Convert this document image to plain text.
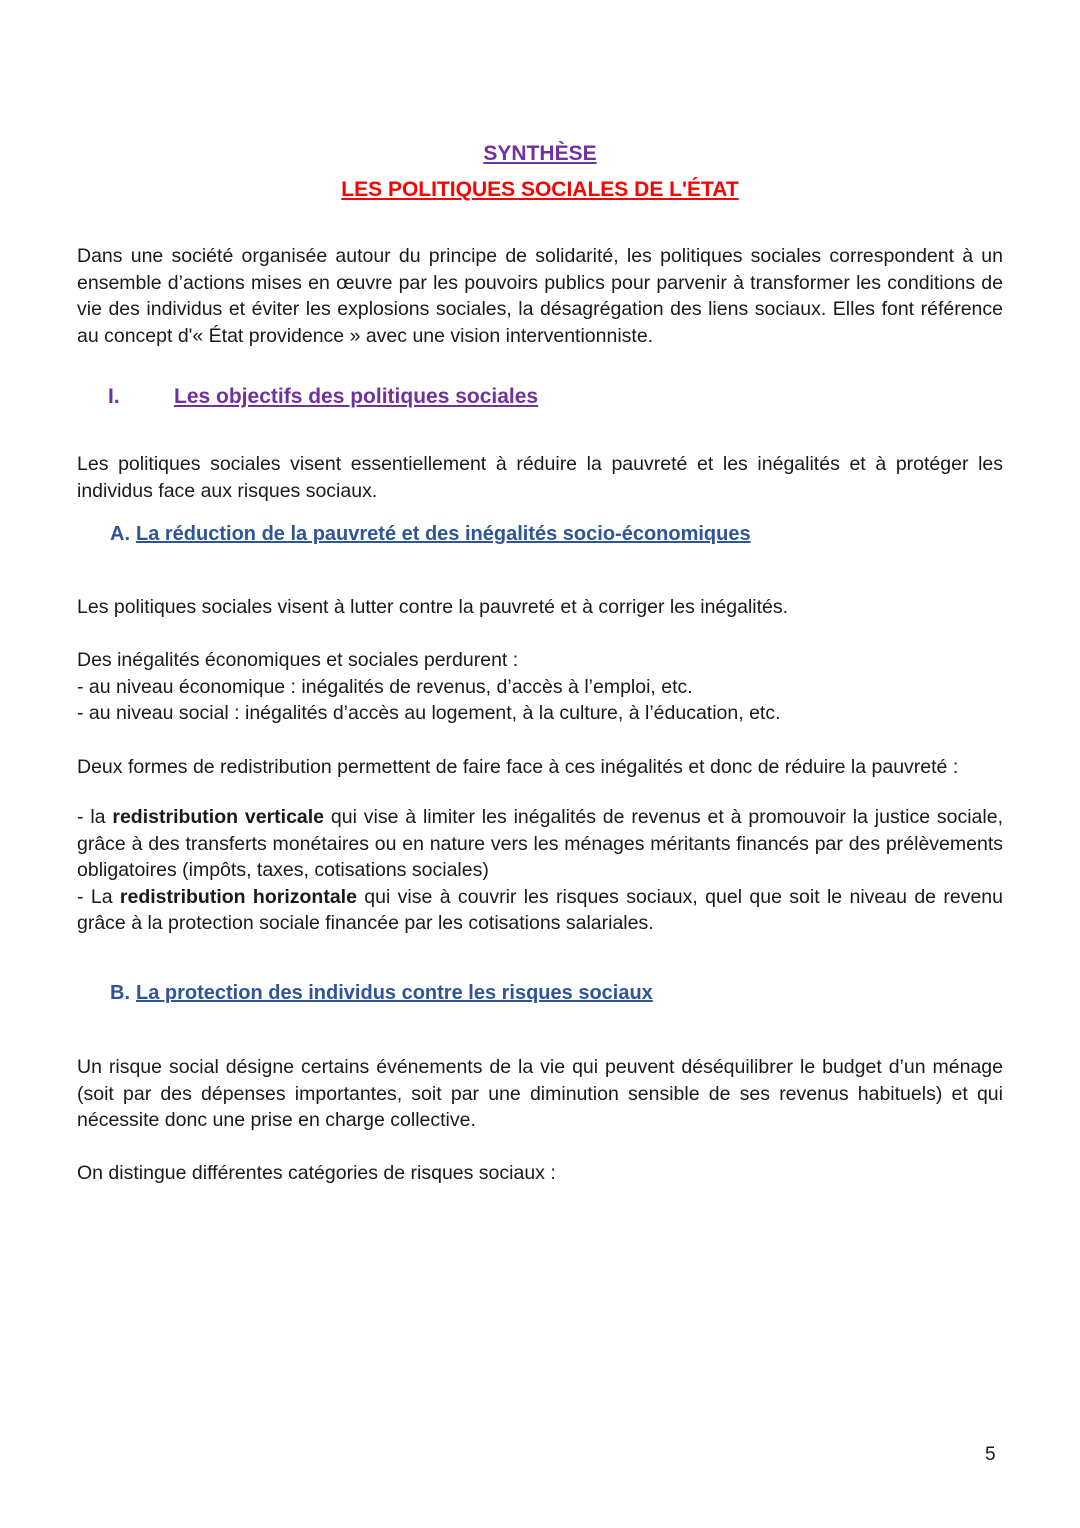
SYNTHÈSE
LES POLITIQUES SOCIALES DE L'ÉTAT

Dans une société organisée autour du principe de solidarité, les politiques sociales correspondent à un ensemble d’actions mises en œuvre par les pouvoirs publics pour parvenir à transformer les conditions de vie des individus et éviter les explosions sociales, la désagrégation des liens sociaux. Elles font référence au concept d'« État providence » avec une vision interventionniste.

I.	Les objectifs des politiques sociales

Les politiques sociales visent essentiellement à réduire la pauvreté et les inégalités et à protéger les individus face aux risques sociaux.

A. La réduction de la pauvreté et des inégalités socio-économiques

Les politiques sociales visent à lutter contre la pauvreté et à corriger les inégalités.

Des inégalités économiques et sociales perdurent :
- au niveau économique : inégalités de revenus, d’accès à l’emploi, etc.
- au niveau social : inégalités d’accès au logement, à la culture, à l’éducation, etc.

Deux formes de redistribution permettent de faire face à ces inégalités et donc de réduire la pauvreté :

- la redistribution verticale qui vise à limiter les inégalités de revenus et à promouvoir la justice sociale, grâce à des transferts monétaires ou en nature vers les ménages méritants financés par des prélèvements obligatoires (impôts, taxes, cotisations sociales)
- La redistribution horizontale qui vise à couvrir les risques sociaux, quel que soit le niveau de revenu grâce à la protection sociale financée par les cotisations salariales.
B. La protection des individus contre les risques sociaux

Un risque social désigne certains événements de la vie qui peuvent déséquilibrer le budget d’un ménage (soit par des dépenses importantes, soit par une diminution sensible de ses revenus habituels) et qui nécessite donc une prise en charge collective.

On distingue différentes catégories de risques sociaux :

5
